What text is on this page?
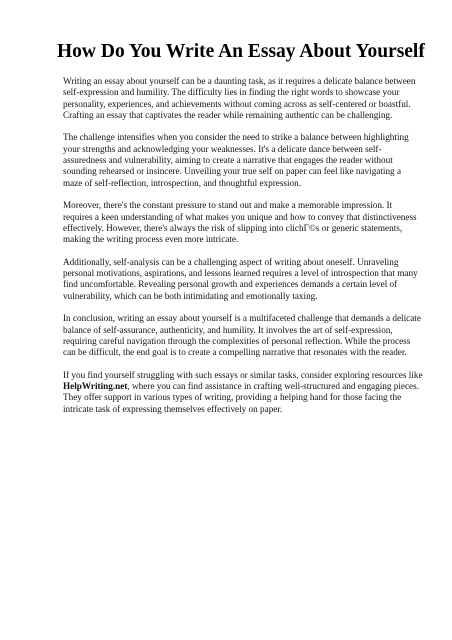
How Do You Write An Essay About Yourself

Writing an essay about yourself can be a daunting task, as it requires a delicate balance between
self-expression and humility. The difficulty lies in finding the right words to showcase your
personality, experiences, and achievements without coming across as self-centered or boastful.
Crafting an essay that captivates the reader while remaining authentic can be challenging.

The challenge intensifies when you consider the need to strike a balance between highlighting
your strengths and acknowledging your weaknesses. It's a delicate dance between self-
assuredness and vulnerability, aiming to create a narrative that engages the reader without
sounding rehearsed or insincere. Unveiling your true self on paper can feel like navigating a
maze of self-reflection, introspection, and thoughtful expression.

Moreover, there's the constant pressure to stand out and make a memorable impression. It
requires a keen understanding of what makes you unique and how to convey that distinctiveness
effectively. However, there's always the risk of slipping into clichΓ©s or generic statements,
making the writing process even more intricate.

Additionally, self-analysis can be a challenging aspect of writing about oneself. Unraveling
personal motivations, aspirations, and lessons learned requires a level of introspection that many
find uncomfortable. Revealing personal growth and experiences demands a certain level of
vulnerability, which can be both intimidating and emotionally taxing.

In conclusion, writing an essay about yourself is a multifaceted challenge that demands a delicate
balance of self-assurance, authenticity, and humility. It involves the art of self-expression,
requiring careful navigation through the complexities of personal reflection. While the process
can be difficult, the end goal is to create a compelling narrative that resonates with the reader.

If you find yourself struggling with such essays or similar tasks, consider exploring resources like
HelpWriting.net, where you can find assistance in crafting well-structured and engaging pieces.
They offer support in various types of writing, providing a helping hand for those facing the
intricate task of expressing themselves effectively on paper.
